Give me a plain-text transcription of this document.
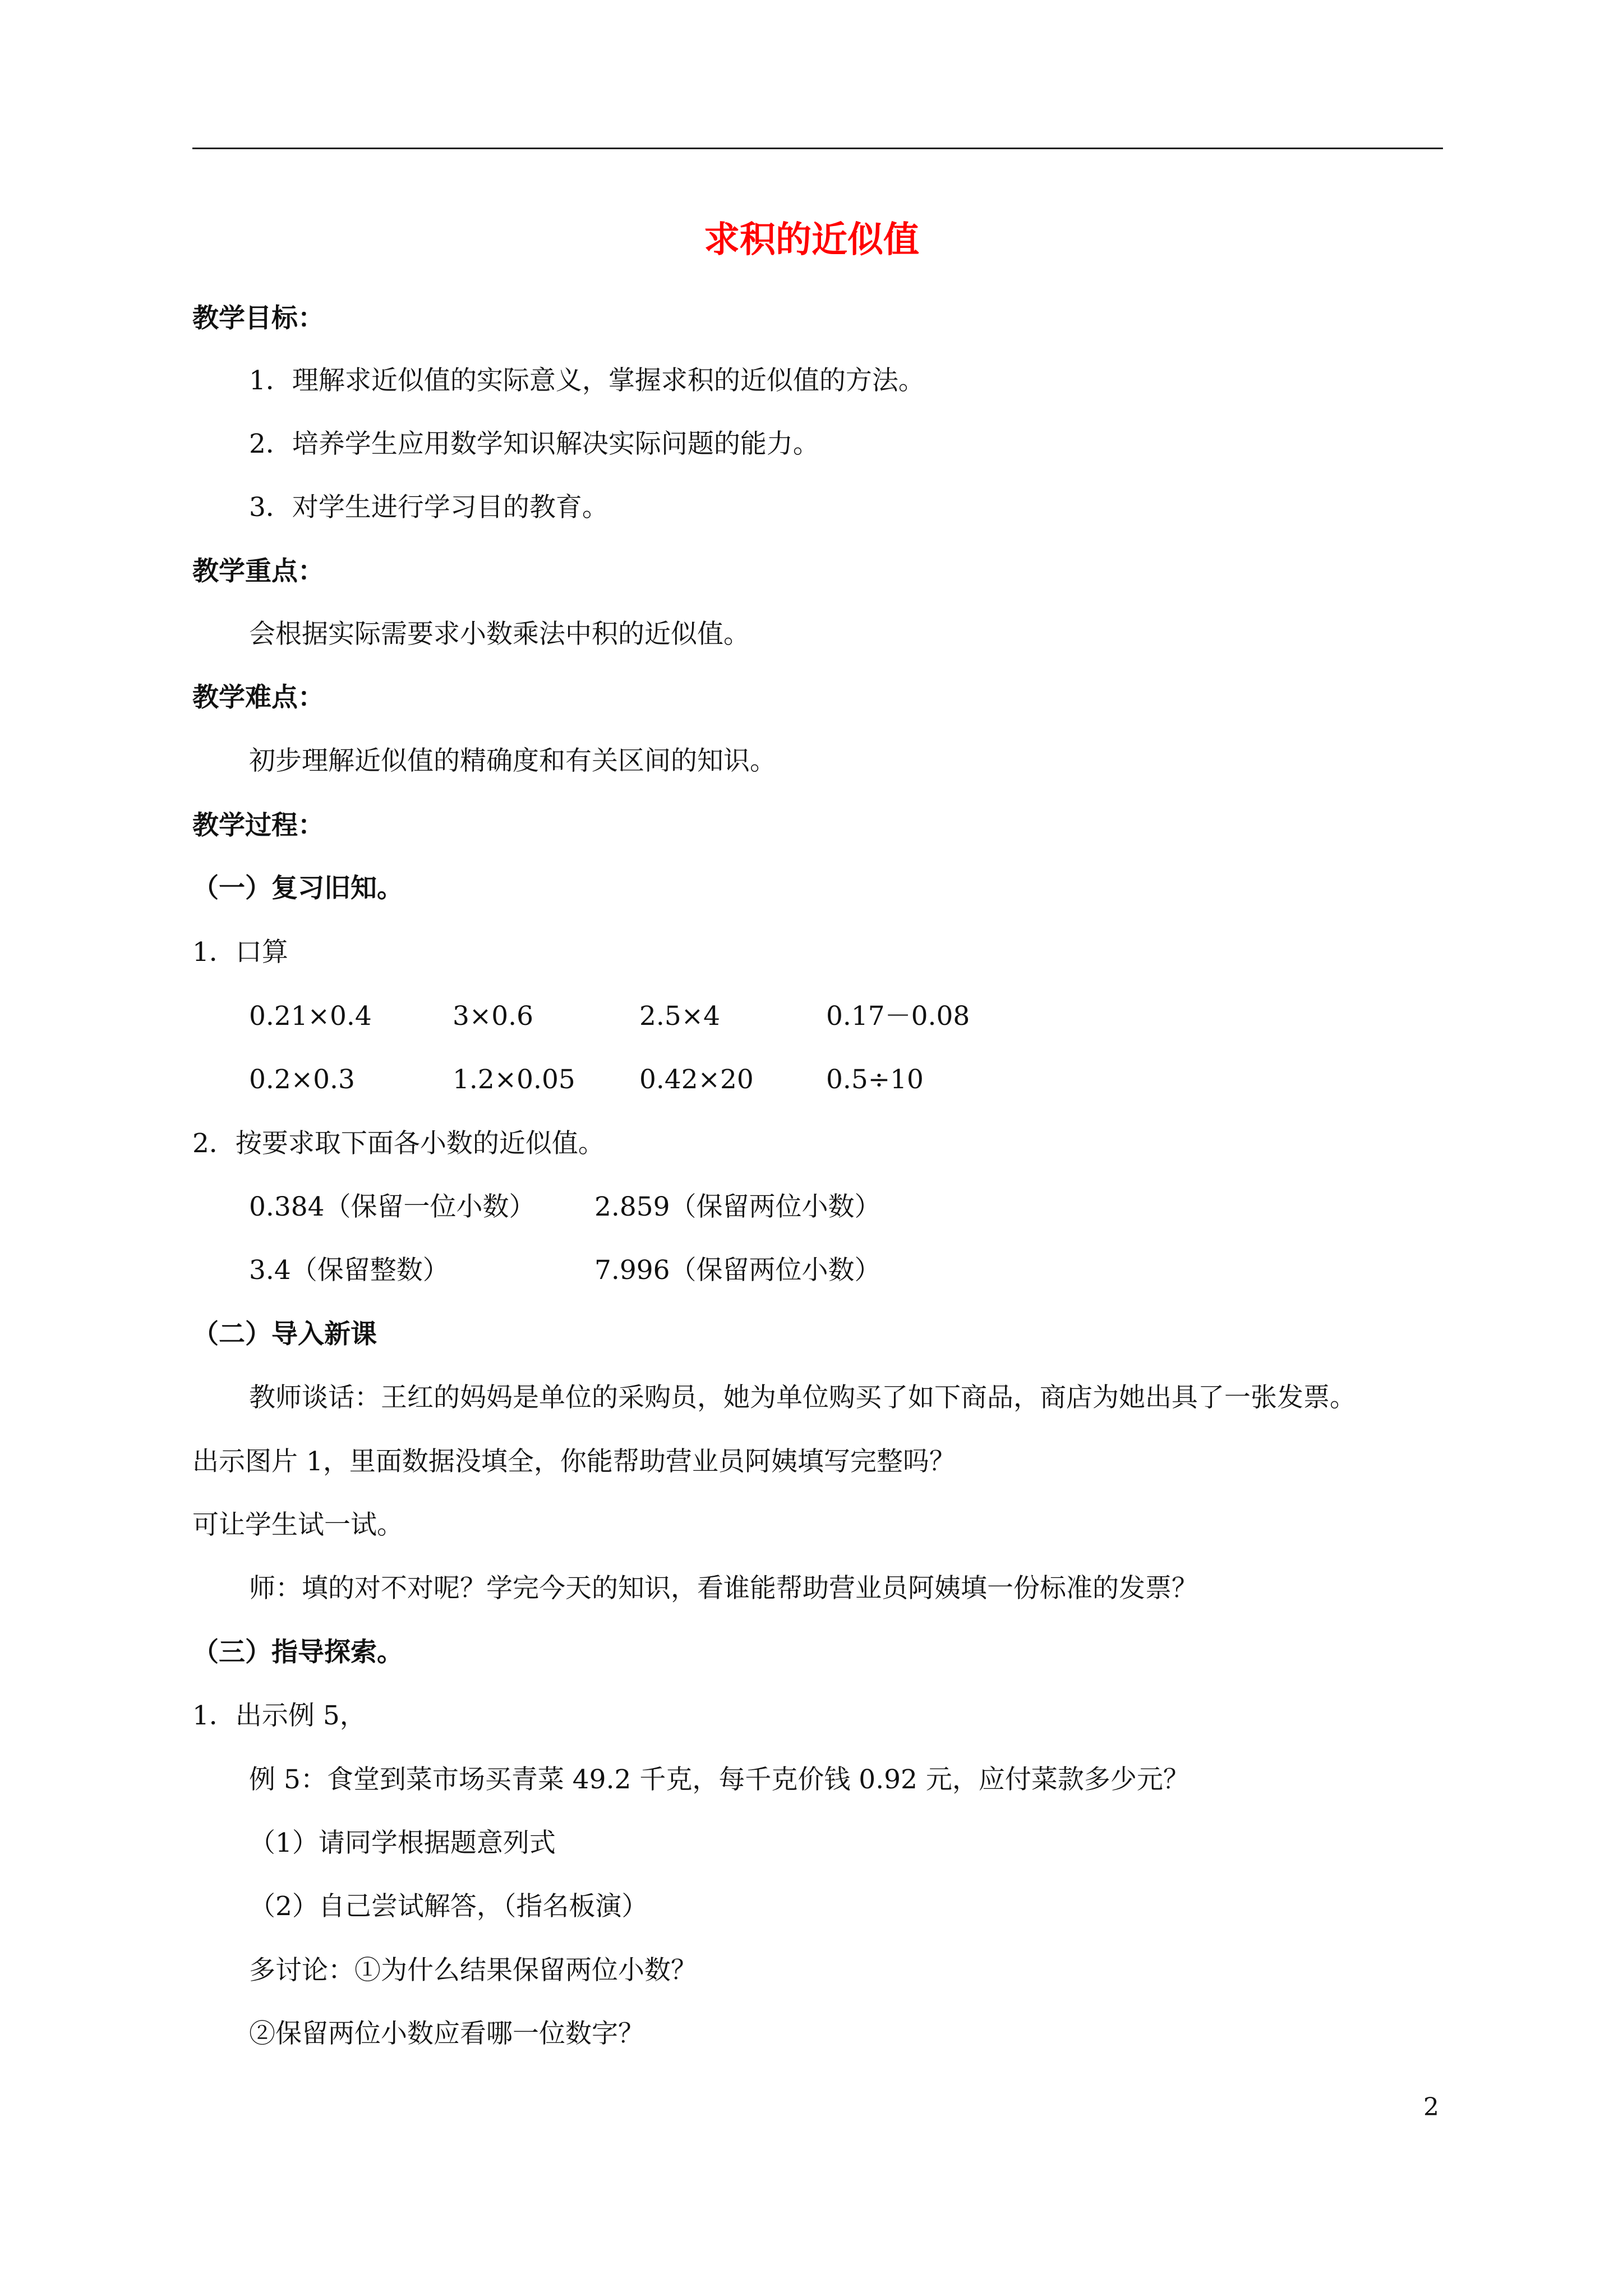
求积的近似值
教学目标：
1．理解求近似值的实际意义，掌握求积的近似值的方法。
2．培养学生应用数学知识解决实际问题的能力。
3．对学生进行学习目的教育。
教学重点：
会根据实际需要求小数乘法中积的近似值。
教学难点：
初步理解近似值的精确度和有关区间的知识。
教学过程：
（一）复习旧知。
1．口算
0.21×0.4	3×0.6	2.5×4	0.17－0.08
0.2×0.3	1.2×0.05 0.42×20	0.5÷10
2．按要求取下面各小数的近似值。
0.384（保留一位小数） 2.859（保留两位小数）
3.4（保留整数）	7.996（保留两位小数）
（二）导入新课
教师谈话：王红的妈妈是单位的采购员，她为单位购买了如下商品，商店为她出具了一张发票。
出示图片 1，里面数据没填全，你能帮助营业员阿姨填写完整吗？
可让学生试一试。
师：填的对不对呢？学完今天的知识，看谁能帮助营业员阿姨填一份标准的发票？
（三）指导探索。
1．出示例 5，
例 5：食堂到菜市场买青菜 49.2 千克，每千克价钱 0.92 元，应付菜款多少元？
（1）请同学根据题意列式
（2）自己尝试解答，（指名板演）
多讨论：①为什么结果保留两位小数？
②保留两位小数应看哪一位数字？
2
